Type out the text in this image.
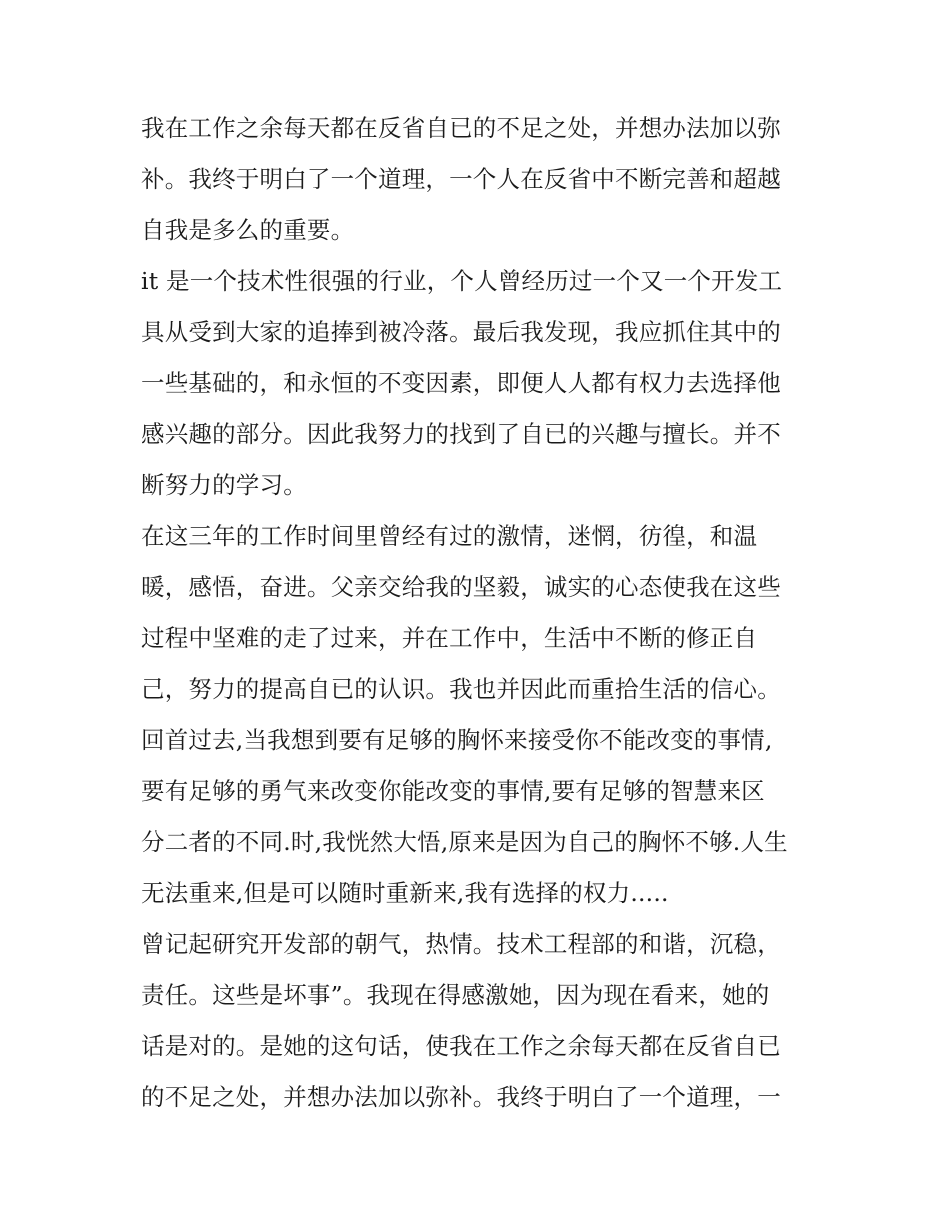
我在工作之余每天都在反省自已的不足之处，并想办法加以弥
补。我终于明白了一个道理，一个人在反省中不断完善和超越
自我是多么的重要。
it 是一个技术性很强的行业，个人曾经历过一个又一个开发工
具从受到大家的追捧到被冷落。最后我发现，我应抓住其中的
一些基础的，和永恒的不变因素，即便人人都有权力去选择他
感兴趣的部分。因此我努力的找到了自已的兴趣与擅长。并不
断努力的学习。
在这三年的工作时间里曾经有过的激情，迷惘，彷徨，和温
暖，感悟，奋进。父亲交给我的坚毅，诚实的心态使我在这些
过程中坚难的走了过来，并在工作中，生活中不断的修正自
己，努力的提高自已的认识。我也并因此而重拾生活的信心。
回首过去,当我想到要有足够的胸怀来接受你不能改变的事情,
要有足够的勇气来改变你能改变的事情,要有足够的智慧来区
分二者的不同.时,我恍然大悟,原来是因为自己的胸怀不够.人生
无法重来,但是可以随时重新来,我有选择的权力.....
曾记起研究开发部的朝气，热情。技术工程部的和谐，沉稳，
责任。这些是坏事”。我现在得感激她，因为现在看来，她的
话是对的。是她的这句话，使我在工作之余每天都在反省自已
的不足之处，并想办法加以弥补。我终于明白了一个道理，一
